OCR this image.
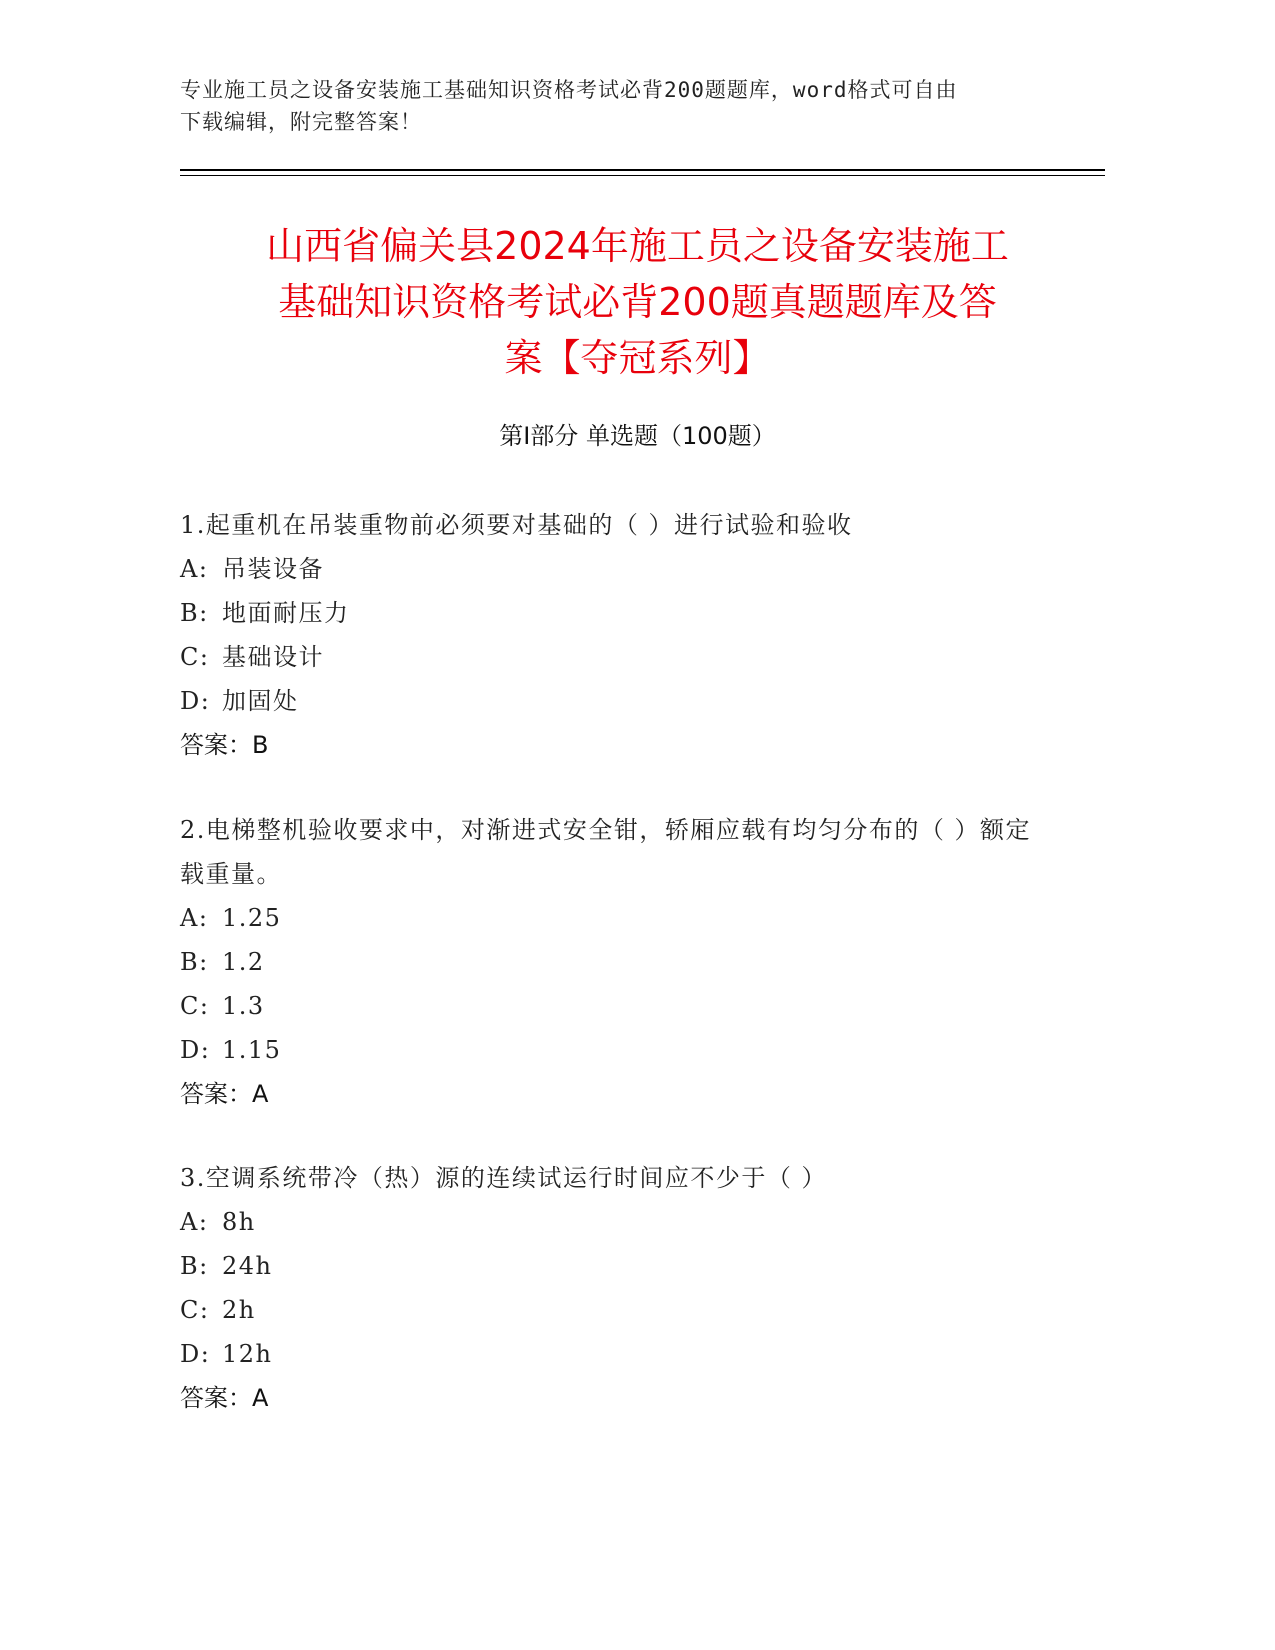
专业施工员之设备安装施工基础知识资格考试必背200题题库，word格式可自由
下载编辑，附完整答案！
山西省偏关县2024年施工员之设备安装施工
基础知识资格考试必背200题真题题库及答
案【夺冠系列】
第Ⅰ部分 单选题（100题）
1.起重机在吊装重物前必须要对基础的（ ）进行试验和验收
A: 吊装设备
B: 地面耐压力
C: 基础设计
D: 加固处
答案：B
2.电梯整机验收要求中，对渐进式安全钳，轿厢应载有均匀分布的（ ）额定载重量。
A: 1.25
B: 1.2
C: 1.3
D: 1.15
答案：A
3.空调系统带冷（热）源的连续试运行时间应不少于（ ）
A: 8h
B: 24h
C: 2h
D: 12h
答案：A
